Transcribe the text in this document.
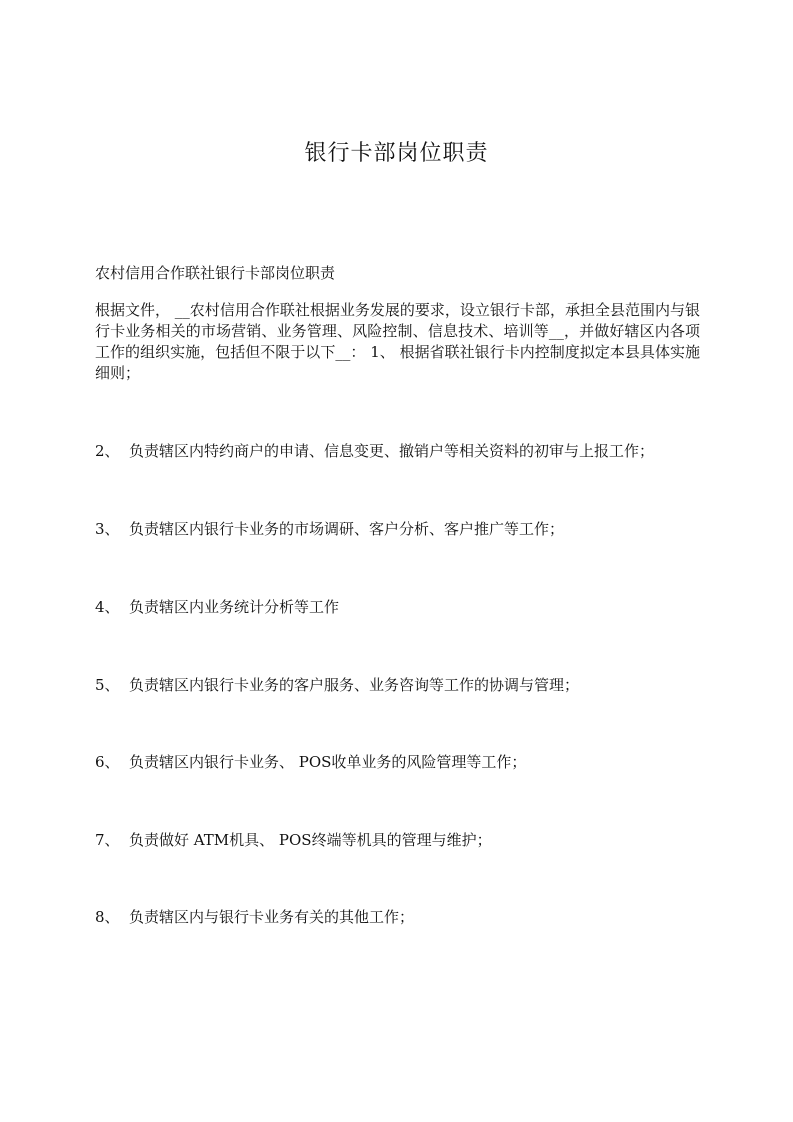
银行卡部岗位职责

农村信用合作联社银行卡部岗位职责

根据文件， __农村信用合作联社根据业务发展的要求，设立银行卡部，承担全县范围内与银行卡业务相关的市场营销、业务管理、风险控制、信息技术、培训等__，并做好辖区内各项工作的组织实施，包括但不限于以下__： 1、 根据省联社银行卡内控制度拟定本县具体实施细则；

2、 负责辖区内特约商户的申请、信息变更、撤销户等相关资料的初审与上报工作；

3、 负责辖区内银行卡业务的市场调研、客户分析、客户推广等工作；

4、 负责辖区内业务统计分析等工作

5、 负责辖区内银行卡业务的客户服务、业务咨询等工作的协调与管理；

6、 负责辖区内银行卡业务、 POS收单业务的风险管理等工作；

7、 负责做好 ATM机具、 POS终端等机具的管理与维护；

8、 负责辖区内与银行卡业务有关的其他工作；
